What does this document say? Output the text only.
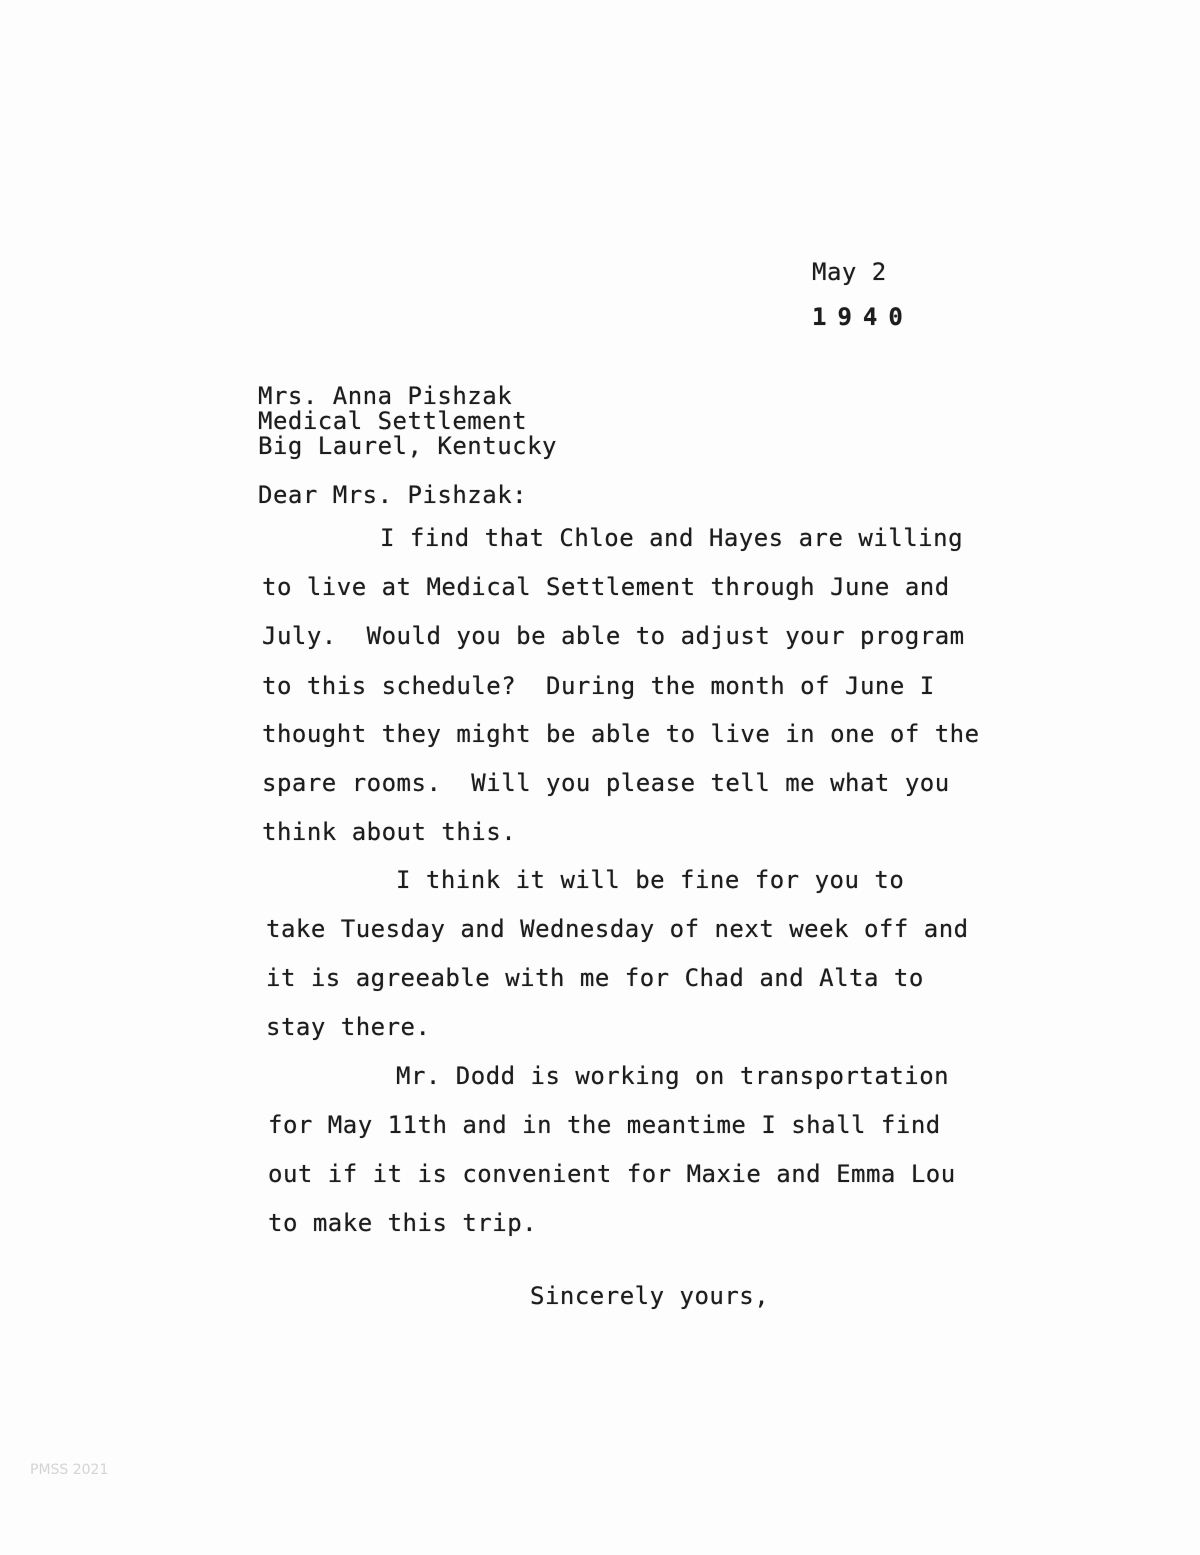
May 2
1940
Mrs. Anna Pishzak
Medical Settlement
Big Laurel, Kentucky
Dear Mrs. Pishzak:
I find that Chloe and Hayes are willing
to live at Medical Settlement through June and
July.  Would you be able to adjust your program
to this schedule?  During the month of June I
thought they might be able to live in one of the
spare rooms.  Will you please tell me what you
think about this.
I think it will be fine for you to
take Tuesday and Wednesday of next week off and
it is agreeable with me for Chad and Alta to
stay there.
Mr. Dodd is working on transportation
for May 11th and in the meantime I shall find
out if it is convenient for Maxie and Emma Lou
to make this trip.
Sincerely yours,
PMSS 2021
